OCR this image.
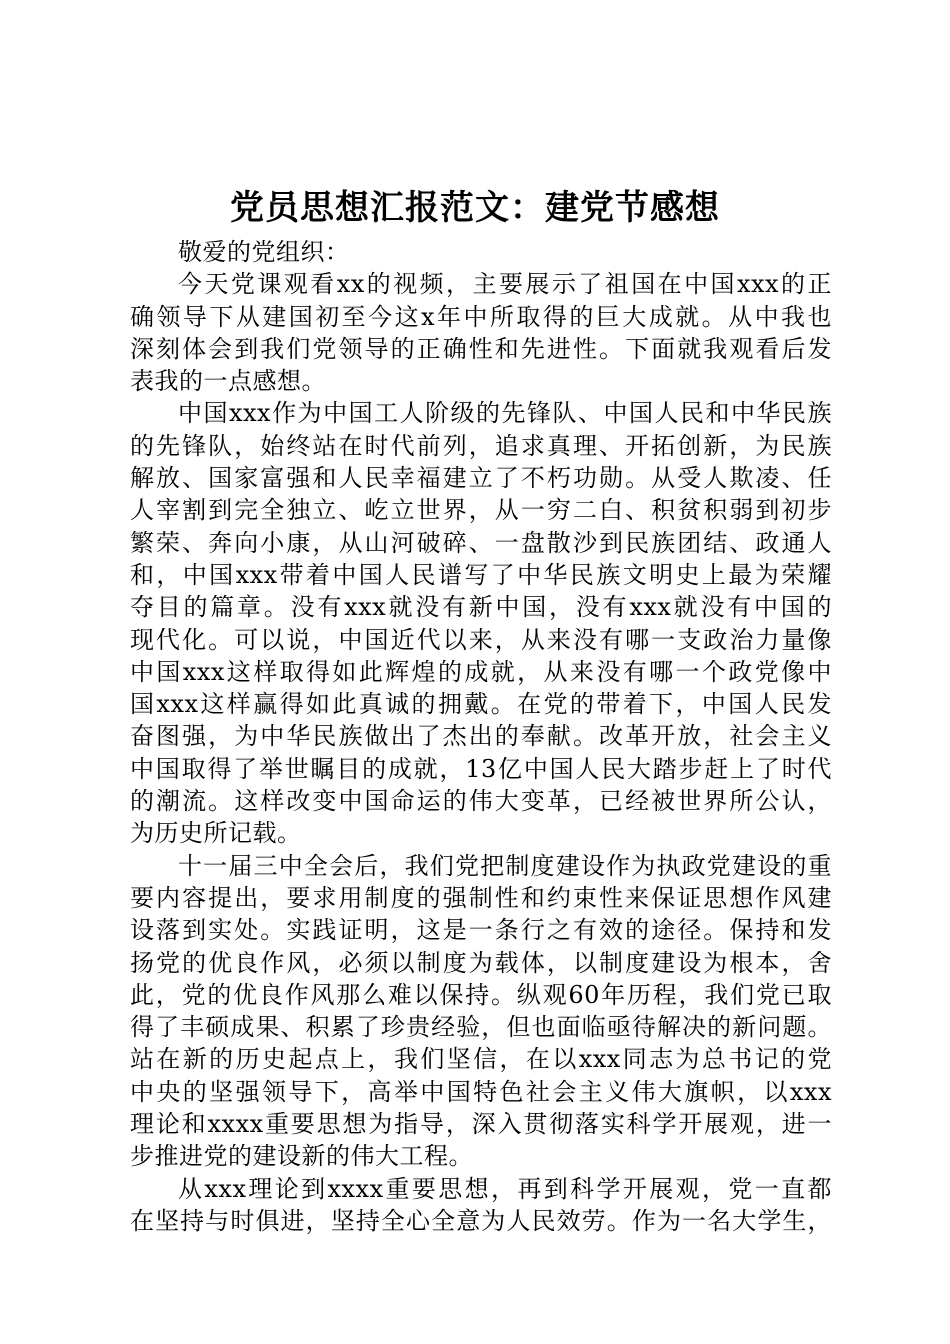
党员思想汇报范文：建党节感想

敬爱的党组织：

今天党课观看xx的视频，主要展示了祖国在中国xxx的正
确领导下从建国初至今这x年中所取得的巨大成就。从中我也
深刻体会到我们党领导的正确性和先进性。下面就我观看后发
表我的一点感想。

中国xxx作为中国工人阶级的先锋队、中国人民和中华民族
的先锋队，始终站在时代前列，追求真理、开拓创新，为民族
解放、国家富强和人民幸福建立了不朽功勋。从受人欺凌、任
人宰割到完全独立、屹立世界，从一穷二白、积贫积弱到初步
繁荣、奔向小康，从山河破碎、一盘散沙到民族团结、政通人
和，中国xxx带着中国人民谱写了中华民族文明史上最为荣耀
夺目的篇章。没有xxx就没有新中国，没有xxx就没有中国的
现代化。可以说，中国近代以来，从来没有哪一支政治力量像
中国xxx这样取得如此辉煌的成就，从来没有哪一个政党像中
国xxx这样赢得如此真诚的拥戴。在党的带着下，中国人民发
奋图强，为中华民族做出了杰出的奉献。改革开放，社会主义
中国取得了举世瞩目的成就，13亿中国人民大踏步赶上了时代
的潮流。这样改变中国命运的伟大变革，已经被世界所公认，
为历史所记载。

十一届三中全会后，我们党把制度建设作为执政党建设的重
要内容提出，要求用制度的强制性和约束性来保证思想作风建
设落到实处。实践证明，这是一条行之有效的途径。保持和发
扬党的优良作风，必须以制度为载体，以制度建设为根本，舍
此，党的优良作风那么难以保持。纵观60年历程，我们党已取
得了丰硕成果、积累了珍贵经验，但也面临亟待解决的新问题。
站在新的历史起点上，我们坚信，在以xxx同志为总书记的党
中央的坚强领导下，高举中国特色社会主义伟大旗帜，以xxx
理论和xxxx重要思想为指导，深入贯彻落实科学开展观，进一
步推进党的建设新的伟大工程。

从xxx理论到xxxx重要思想，再到科学开展观，党一直都
在坚持与时俱进，坚持全心全意为人民效劳。作为一名大学生，
